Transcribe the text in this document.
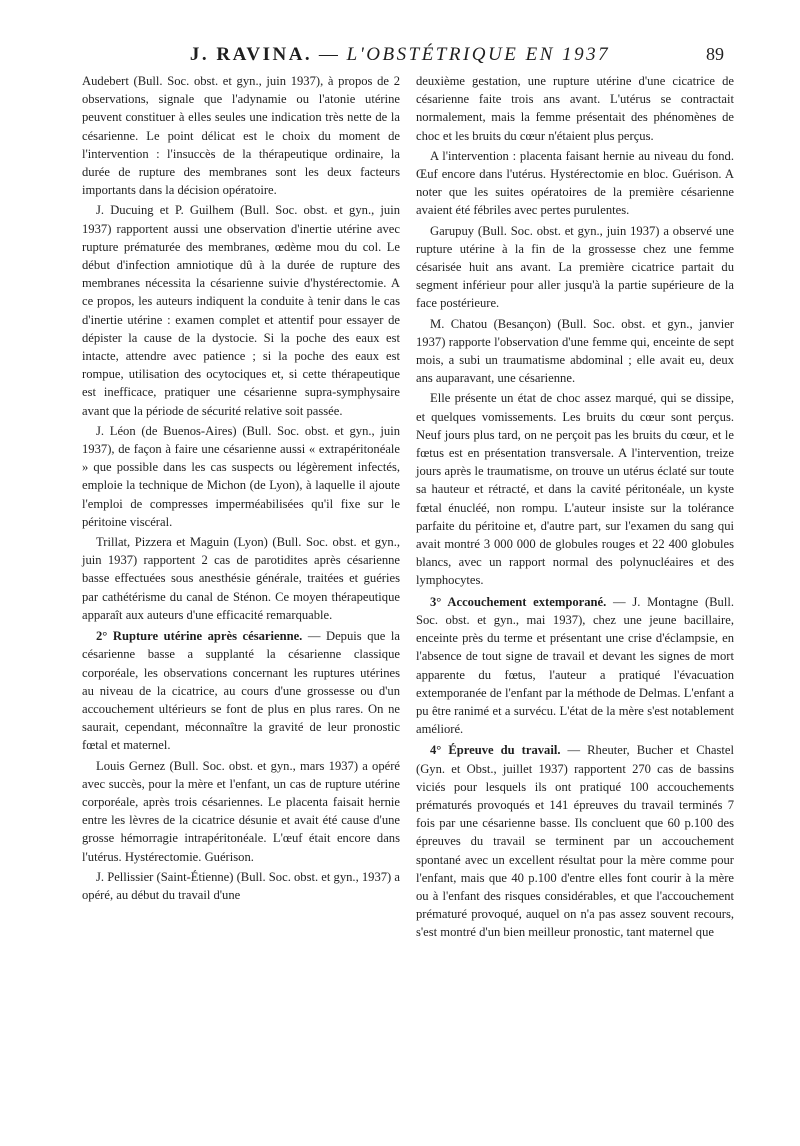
J. RAVINA. — L'OBSTÉTRIQUE EN 1937	89

Audebert (Bull. Soc. obst. et gyn., juin 1937), à propos de 2 observations, signale que l'adynamie ou l'atonie utérine peuvent constituer à elles seules une indication très nette de la césarienne. Le point délicat est le choix du moment de l'intervention : l'insuccès de la thérapeutique ordinaire, la durée de rupture des membranes sont les deux facteurs importants dans la décision opératoire.

J. Ducuing et P. Guilhem (Bull. Soc. obst. et gyn., juin 1937) rapportent aussi une observation d'inertie utérine avec rupture prématurée des membranes, œdème mou du col. Le début d'infection amniotique dû à la durée de rupture des membranes nécessita la césarienne suivie d'hystérectomie. A ce propos, les auteurs indiquent la conduite à tenir dans le cas d'inertie utérine : examen complet et attentif pour essayer de dépister la cause de la dystocie. Si la poche des eaux est intacte, attendre avec patience ; si la poche des eaux est rompue, utilisation des ocytociques et, si cette thérapeutique est inefficace, pratiquer une césarienne supra-symphysaire avant que la période de sécurité relative soit passée.

J. Léon (de Buenos-Aires) (Bull. Soc. obst. et gyn., juin 1937), de façon à faire une césarienne aussi « extrapéritonéale » que possible dans les cas suspects ou légèrement infectés, emploie la technique de Michon (de Lyon), à laquelle il ajoute l'emploi de compresses imperméabilisées qu'il fixe sur le péritoine viscéral.

Trillat, Pizzera et Maguin (Lyon) (Bull. Soc. obst. et gyn., juin 1937) rapportent 2 cas de parotidites après césarienne basse effectuées sous anesthésie générale, traitées et guéries par cathétérisme du canal de Sténon. Ce moyen thérapeutique apparaît aux auteurs d'une efficacité remarquable.

2° Rupture utérine après césarienne. — Depuis que la césarienne basse a supplanté la césarienne classique corporéale, les observations concernant les ruptures utérines au niveau de la cicatrice, au cours d'une grossesse ou d'un accouchement ultérieurs se font de plus en plus rares. On ne saurait, cependant, méconnaître la gravité de leur pronostic fœtal et maternel.

Louis Gernez (Bull. Soc. obst. et gyn., mars 1937) a opéré avec succès, pour la mère et l'enfant, un cas de rupture utérine corporéale, après trois césariennes. Le placenta faisait hernie entre les lèvres de la cicatrice désunie et avait été cause d'une grosse hémorragie intrapéritonéale. L'œuf était encore dans l'utérus. Hystérectomie. Guérison.

J. Pellissier (Saint-Étienne) (Bull. Soc. obst. et gyn., 1937) a opéré, au début du travail d'une

deuxième gestation, une rupture utérine d'une cicatrice de césarienne faite trois ans avant. L'utérus se contractait normalement, mais la femme présentait des phénomènes de choc et les bruits du cœur n'étaient plus perçus.

A l'intervention : placenta faisant hernie au niveau du fond. Œuf encore dans l'utérus. Hystérectomie en bloc. Guérison. A noter que les suites opératoires de la première césarienne avaient été fébriles avec pertes purulentes.

Garupuy (Bull. Soc. obst. et gyn., juin 1937) a observé une rupture utérine à la fin de la grossesse chez une femme césarisée huit ans avant. La première cicatrice partait du segment inférieur pour aller jusqu'à la partie supérieure de la face postérieure.

M. Chatou (Besançon) (Bull. Soc. obst. et gyn., janvier 1937) rapporte l'observation d'une femme qui, enceinte de sept mois, a subi un traumatisme abdominal ; elle avait eu, deux ans auparavant, une césarienne.

Elle présente un état de choc assez marqué, qui se dissipe, et quelques vomissements. Les bruits du cœur sont perçus. Neuf jours plus tard, on ne perçoit pas les bruits du cœur, et le fœtus est en présentation transversale. A l'intervention, treize jours après le traumatisme, on trouve un utérus éclaté sur toute sa hauteur et rétracté, et dans la cavité péritonéale, un kyste fœtal énucléé, non rompu. L'auteur insiste sur la tolérance parfaite du péritoine et, d'autre part, sur l'examen du sang qui avait montré 3 000 000 de globules rouges et 22 400 globules blancs, avec un rapport normal des polynucléaires et des lymphocytes.

3° Accouchement extemporané. — J. Montagne (Bull. Soc. obst. et gyn., mai 1937), chez une jeune bacillaire, enceinte près du terme et présentant une crise d'éclampsie, en l'absence de tout signe de travail et devant les signes de mort apparente du fœtus, l'auteur a pratiqué l'évacuation extemporanée de l'enfant par la méthode de Delmas. L'enfant a pu être ranimé et a survécu. L'état de la mère s'est notablement amélioré.

4° Épreuve du travail. — Rheuter, Bucher et Chastel (Gyn. et Obst., juillet 1937) rapportent 270 cas de bassins viciés pour lesquels ils ont pratiqué 100 accouchements prématurés provoqués et 141 épreuves du travail terminés 7 fois par une césarienne basse. Ils concluent que 60 p.100 des épreuves du travail se terminent par un accouchement spontané avec un excellent résultat pour la mère comme pour l'enfant, mais que 40 p.100 d'entre elles font courir à la mère ou à l'enfant des risques considérables, et que l'accouchement prématuré provoqué, auquel on n'a pas assez souvent recours, s'est montré d'un bien meilleur pronostic, tant maternel que
